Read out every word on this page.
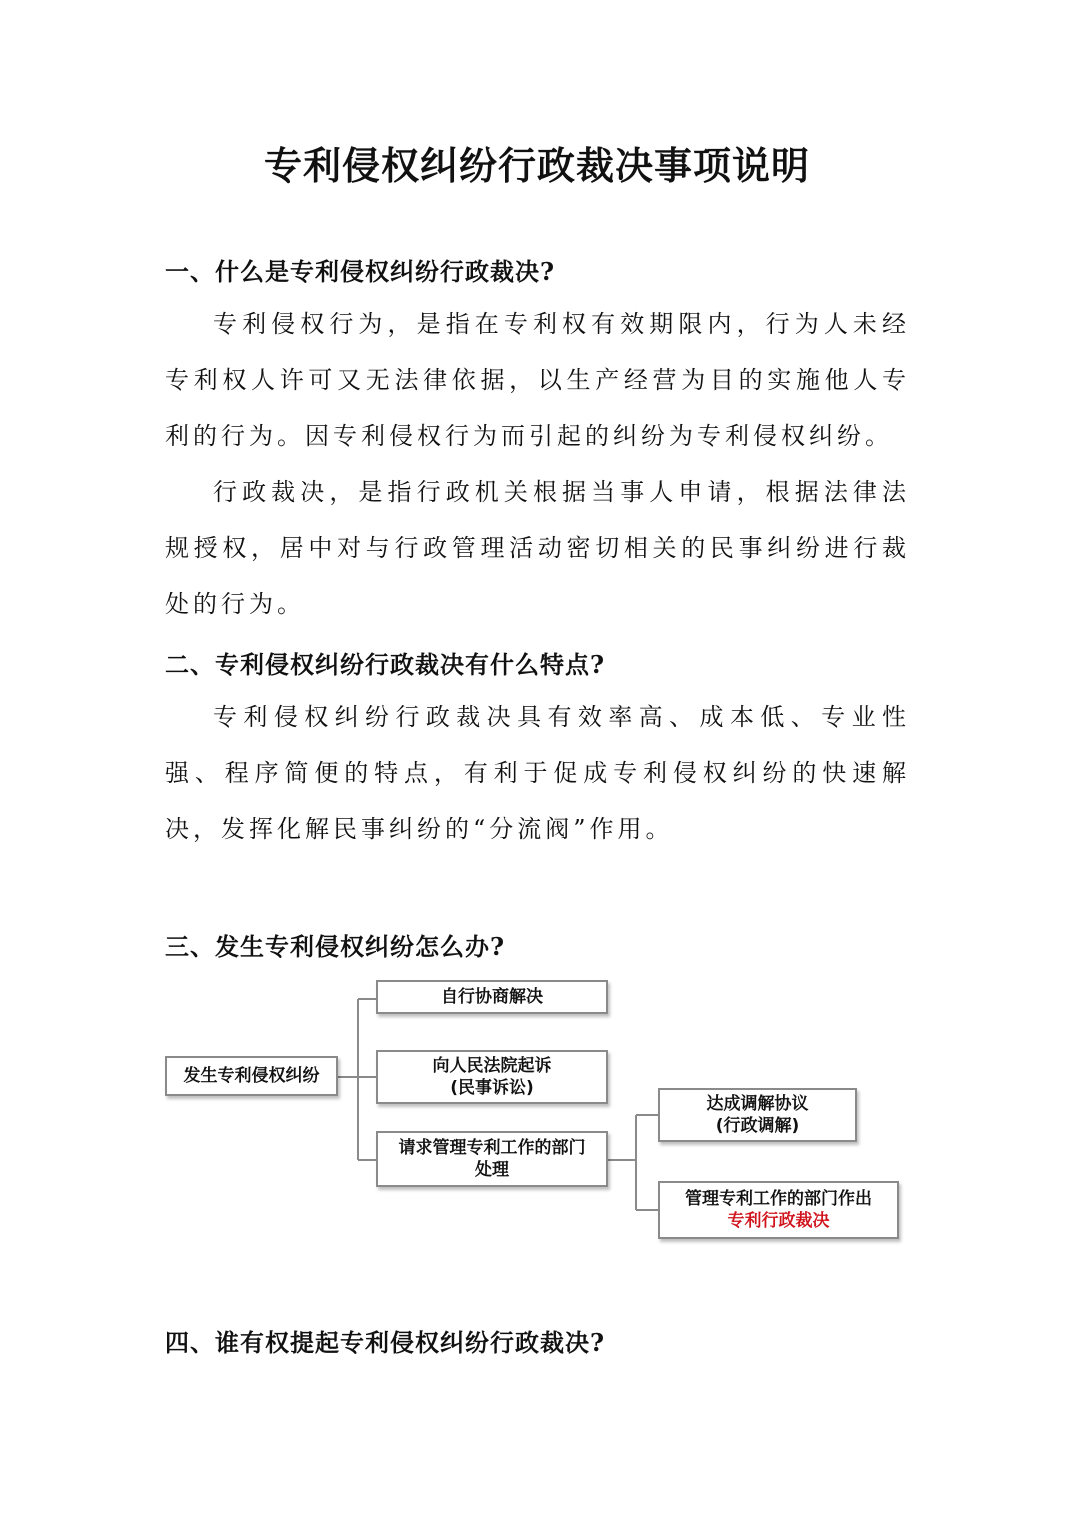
专利侵权纠纷行政裁决事项说明
一、什么是专利侵权纠纷行政裁决?

专利侵权行为，是指在专利权有效期限内，行为人未经专利权人许可又无法律依据，以生产经营为目的实施他人专利的行为。因专利侵权行为而引起的纠纷为专利侵权纠纷。

行政裁决，是指行政机关根据当事人申请，根据法律法规授权，居中对与行政管理活动密切相关的民事纠纷进行裁处的行为。

二、专利侵权纠纷行政裁决有什么特点?

专利侵权纠纷行政裁决具有效率高、成本低、专业性强、程序简便的特点，有利于促成专利侵权纠纷的快速解决，发挥化解民事纠纷的“分流阀”作用。

三、发生专利侵权纠纷怎么办?
发生专利侵权纠纷
自行协商解决
向人民法院起诉
(民事诉讼)
请求管理专利工作的部门
处理
达成调解协议
(行政调解)
管理专利工作的部门作出
专利行政裁决
四、谁有权提起专利侵权纠纷行政裁决?
